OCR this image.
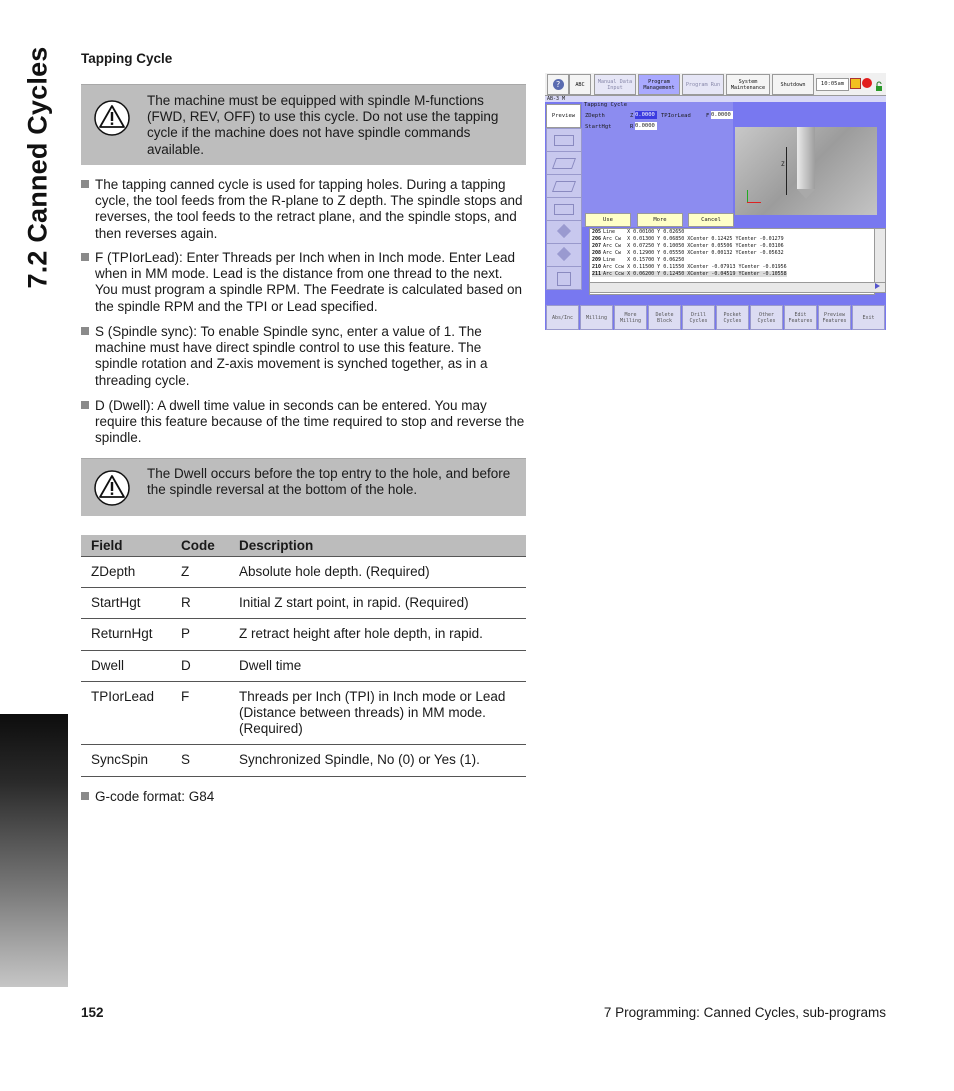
7.2 Canned Cycles Tapping Cycle
The machine must be equipped with spindle M-functions (FWD, REV, OFF) to use this cycle. Do not use the tapping cycle if the machine does not have spindle commands available.
The tapping canned cycle is used for tapping holes. During a tapping cycle, the tool feeds from the R-plane to Z depth. The spindle stops and reverses, the tool feeds to the retract plane, and the spindle stops, and then reverses again.
F (TPIorLead): Enter Threads per Inch when in Inch mode. Enter Lead when in MM mode. Lead is the distance from one thread to the next. You must program a spindle RPM. The Feedrate is calculated based on the spindle RPM and the TPI or Lead specified.
S (Spindle sync): To enable Spindle sync, enter a value of 1. The machine must have direct spindle control to use this feature. The spindle rotation and Z-axis movement is synched together, as in a threading cycle.
D (Dwell): A dwell time value in seconds can be entered. You may require this feature because of the time required to stop and reverse the spindle.
The Dwell occurs before the top entry to the hole, and before the spindle reversal at the bottom of the hole.
Field	Code	Description
ZDepth	Z	Absolute hole depth. (Required)
StartHgt	R	Initial Z start point, in rapid. (Required)
ReturnHgt	P	Z retract height after hole depth, in rapid.
Dwell	D	Dwell time
TPIorLead	F	Threads per Inch (TPI) in Inch mode or Lead (Distance between threads) in MM mode. (Required)
SyncSpin	S	Synchronized Spindle, No (0) or Yes (1).
G-code format: G84
?	ABC	Manual Data Input
Program Management	Program Run	System Maintenance	Shutdown	10:05am
AB-3 M
Preview
Tapping Cycle
ZDepth	Z 0.0000	TPIorLead	F 0.0000
StartHgt	R 0.0000
Use	More	Cancel
Z
205 Line    X 0.00100 Y 0.02650
206 Arc Cw  X 0.01300 Y 0.06850 XCenter 0.12425 YCenter -0.01279
207 Arc Cw  X 0.07250 Y 0.10050 XCenter 0.05506 YCenter -0.03106
208 Arc Cw  X 0.12900 Y 0.05550 XCenter 0.00132 YCenter -0.05632
209 Line    X 0.15700 Y 0.06250
210 Arc Ccw X 0.11500 Y 0.11550 XCenter -0.07913 YCenter -0.01956
211 Arc Ccw X 0.06200 Y 0.12450 XCenter -0.04519 YCenter -0.10558
Abs/Inc	Milling	More Milling
Delete Block
Drill Cycles
Pocket Cycles
Other Cycles
Edit Features
Preview Features	Exit
152	7 Programming: Canned Cycles, sub-programs
